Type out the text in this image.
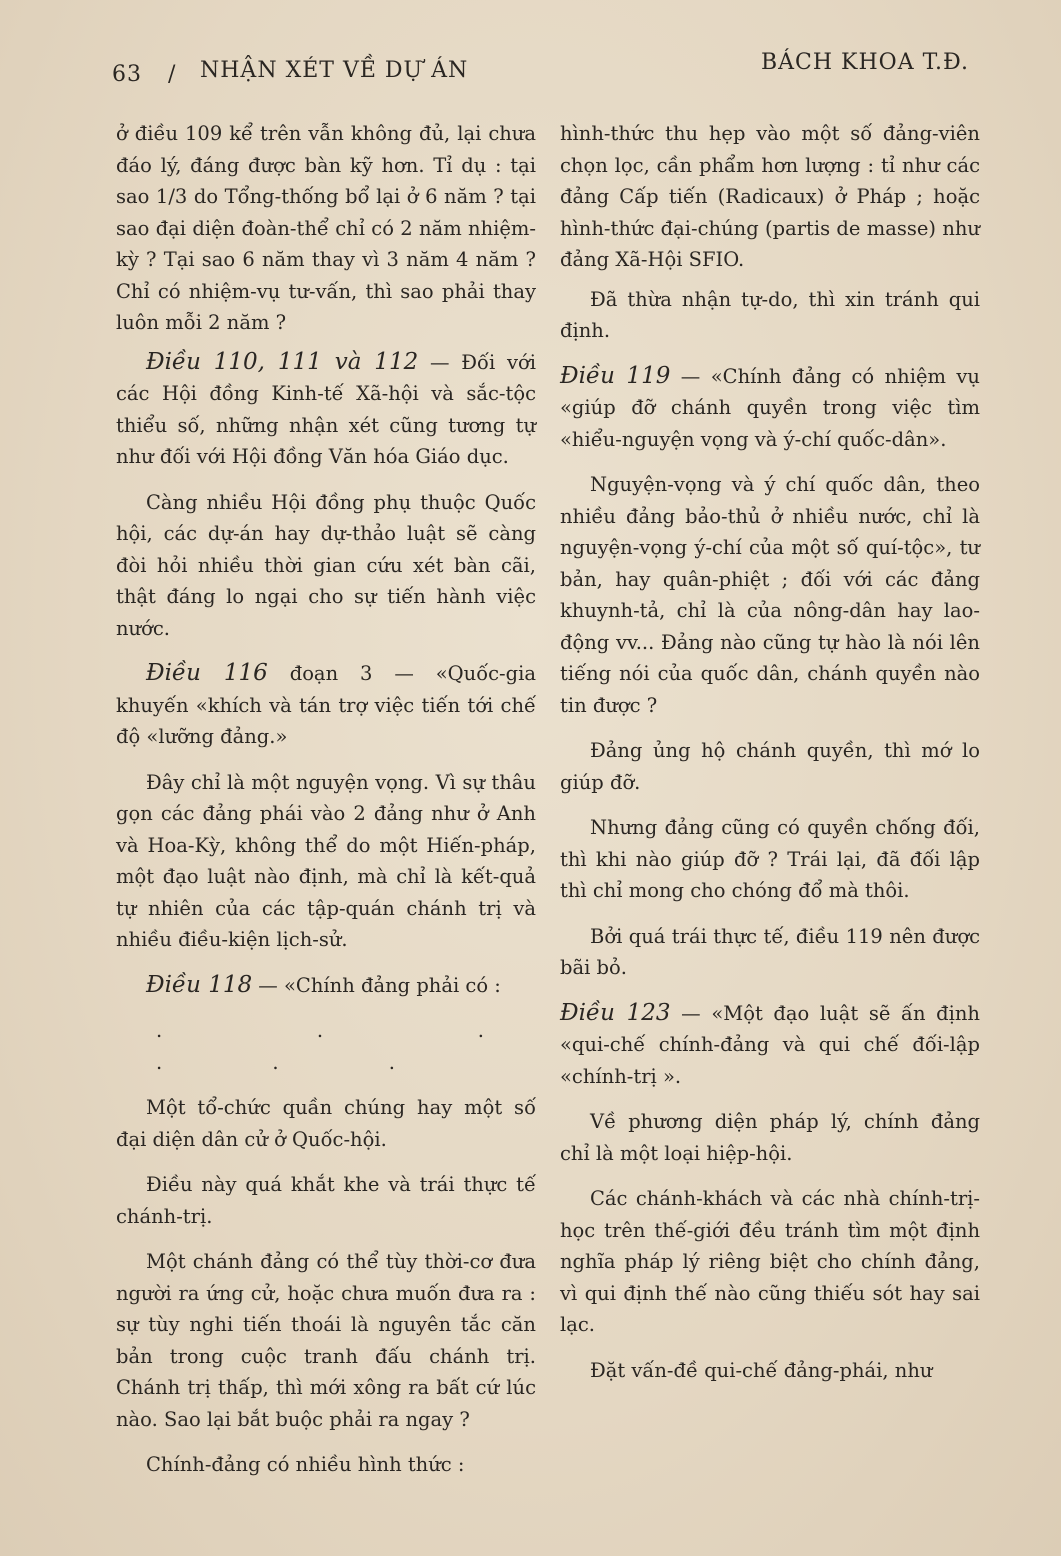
63 / NHẬN XÉT VỀ DỰ ÁN	BÁCH KHOA T.Đ.

ở điều 109 kể trên vẫn không đủ, lại chưa đáo lý, đáng được bàn kỹ hơn. Tỉ dụ : tại sao 1/3 do Tổng-thống bổ lại ở 6 năm ? tại sao đại diện đoàn-thể chỉ có 2 năm nhiệm-kỳ ? Tại sao 6 năm thay vì 3 năm 4 năm ? Chỉ có nhiệm-vụ tư-vấn, thì sao phải thay luôn mỗi 2 năm ?

Điều 110, 111 và 112 — Đối với các Hội đồng Kinh-tế Xã-hội và sắc-tộc thiểu số, những nhận xét cũng tương tự như đối với Hội đồng Văn hóa Giáo dục.

Càng nhiều Hội đồng phụ thuộc Quốc hội, các dự-án hay dự-thảo luật sẽ càng đòi hỏi nhiều thời gian cứu xét bàn cãi, thật đáng lo ngại cho sự tiến hành việc nước.

Điều 116 đoạn 3 — «Quốc-gia khuyến «khích và tán trợ việc tiến tới chế độ «lưỡng đảng.»

Đây chỉ là một nguyện vọng. Vì sự thâu gọn các đảng phái vào 2 đảng như ở Anh và Hoa-Kỳ, không thể do một Hiến-pháp, một đạo luật nào định, mà chỉ là kết-quả tự nhiên của các tập-quán chánh trị và nhiều điều-kiện lịch-sử.

Điều 118 — «Chính đảng phải có :

. . . . . .

Một tổ-chức quần chúng hay một số đại diện dân cử ở Quốc-hội.

Điều này quá khắt khe và trái thực tế chánh-trị.

Một chánh đảng có thể tùy thời-cơ đưa người ra ứng cử, hoặc chưa muốn đưa ra : sự tùy nghi tiến thoái là nguyên tắc căn bản trong cuộc tranh đấu chánh trị. Chánh trị thấp, thì mới xông ra bất cứ lúc nào. Sao lại bắt buộc phải ra ngay ?

Chính-đảng có nhiều hình thức :

hình-thức thu hẹp vào một số đảng-viên chọn lọc, cần phẩm hơn lượng : tỉ như các đảng Cấp tiến (Radicaux) ở Pháp ; hoặc hình-thức đại-chúng (partis de masse) như đảng Xã-Hội SFIO.

Đã thừa nhận tự-do, thì xin tránh qui định.

Điều 119 — «Chính đảng có nhiệm vụ «giúp đỡ chánh quyền trong việc tìm «hiểu-nguyện vọng và ý-chí quốc-dân».

Nguyện-vọng và ý chí quốc dân, theo nhiều đảng bảo-thủ ở nhiều nước, chỉ là nguyện-vọng ý-chí của một số quí-tộc», tư bản, hay quân-phiệt ; đối với các đảng khuynh-tả, chỉ là của nông-dân hay lao-động vv... Đảng nào cũng tự hào là nói lên tiếng nói của quốc dân, chánh quyền nào tin được ?

Đảng ủng hộ chánh quyền, thì mớ lo giúp đỡ.

Nhưng đảng cũng có quyền chống đối, thì khi nào giúp đỡ ? Trái lại, đã đối lập thì chỉ mong cho chóng đổ mà thôi.

Bởi quá trái thực tế, điều 119 nên được bãi bỏ.

Điều 123 — «Một đạo luật sẽ ấn định «qui-chế chính-đảng và qui chế đối-lập «chính-trị ».

Về phương diện pháp lý, chính đảng chỉ là một loại hiệp-hội.

Các chánh-khách và các nhà chính-trị-học trên thế-giới đều tránh tìm một định nghĩa pháp lý riêng biệt cho chính đảng, vì qui định thế nào cũng thiếu sót hay sai lạc.

Đặt vấn-đề qui-chế đảng-phái, như
